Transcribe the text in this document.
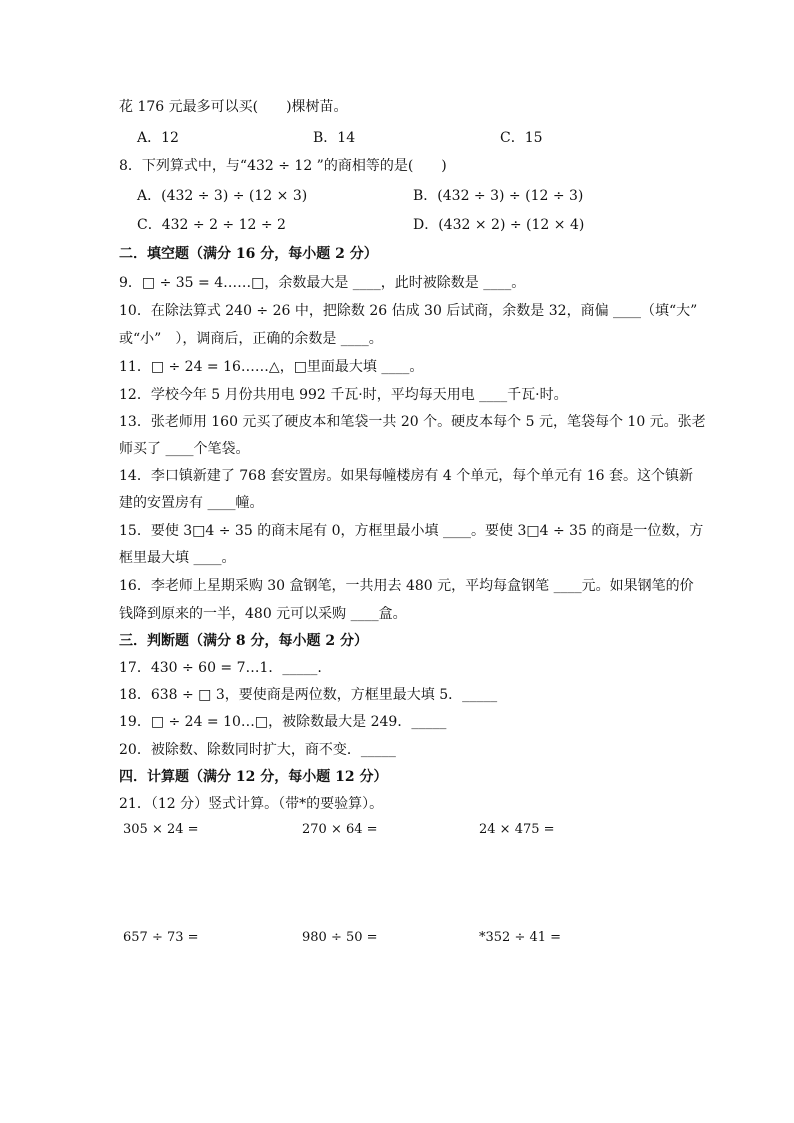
花 176 元最多可以买(　　)棵树苗。
A．12	B．14	C．15
8．下列算式中，与“432 ÷ 12 ”的商相等的是(　　)
A．(432 ÷ 3) ÷ (12 × 3)	B．(432 ÷ 3) ÷ (12 ÷ 3)
C．432 ÷ 2 ÷ 12 ÷ 2	D．(432 × 2) ÷ (12 × 4)
二．填空题（满分 16 分，每小题 2 分）
9．□ ÷ 35 = 4……□，余数最大是 ____，此时被除数是 ____。
10．在除法算式 240 ÷ 26 中，把除数 26 估成 30 后试商，余数是 32，商偏 ____（填“大”
或“小”　），调商后，正确的余数是 ____。
11．□ ÷ 24 = 16……△，□里面最大填 ____。
12．学校今年 5 月份共用电 992 千瓦·时，平均每天用电 ____千瓦·时。
13．张老师用 160 元买了硬皮本和笔袋一共 20 个。硬皮本每个 5 元，笔袋每个 10 元。张老
师买了 ____个笔袋。
14．李口镇新建了 768 套安置房。如果每幢楼房有 4 个单元，每个单元有 16 套。这个镇新
建的安置房有 ____幢。
15．要使 3□4 ÷ 35 的商末尾有 0，方框里最小填 ____。要使 3□4 ÷ 35 的商是一位数，方
框里最大填 ____。
16．李老师上星期采购 30 盒钢笔，一共用去 480 元，平均每盒钢笔 ____元。如果钢笔的价
钱降到原来的一半，480 元可以采购 ____盒。
三．判断题（满分 8 分，每小题 2 分）
17．430 ÷ 60 = 7…1．_____.
18．638 ÷ □ 3，要使商是两位数，方框里最大填 5．_____
19．□ ÷ 24 = 10…□，被除数最大是 249．_____
20．被除数、除数同时扩大，商不变．_____
四．计算题（满分 12 分，每小题 12 分）
21．（12 分）竖式计算。（带*的要验算）。
305 × 24 =	270 × 64 =	24 × 475 =
657 ÷ 73 =	980 ÷ 50 =	*352 ÷ 41 =
